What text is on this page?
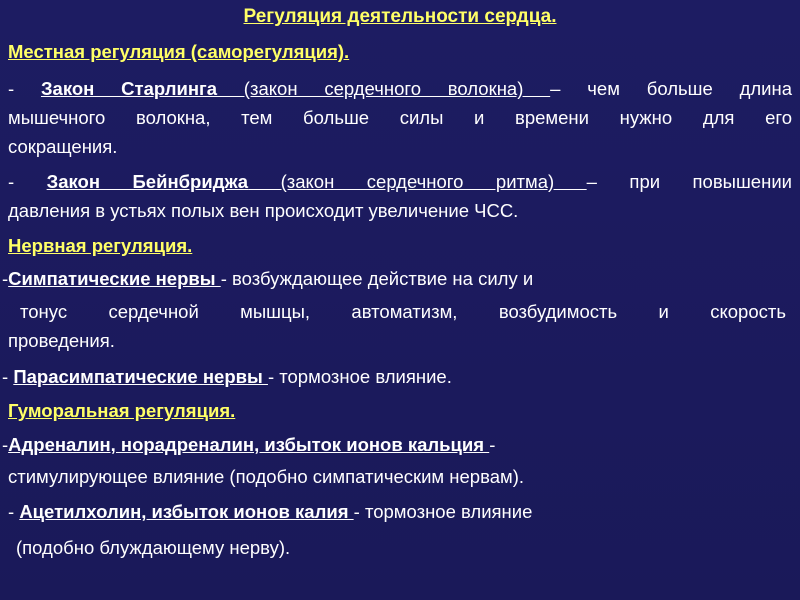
Регуляция деятельности сердца.
Местная регуляция (саморегуляция).
- Закон Старлинга (закон сердечного волокна) – чем больше длина
мышечного волокна, тем больше силы и времени нужно для его
сокращения.
- Закон Бейнбриджа (закон сердечного ритма) – при повышении
давления в устьях полых вен происходит увеличение ЧСС.
Нервная регуляция.
-Симпатические нервы - возбуждающее действие на силу и
тонус сердечной мышцы, автоматизм, возбудимость и скорость
проведения.
- Парасимпатические нервы - тормозное влияние.
Гуморальная регуляция.
-Адреналин, норадреналин, избыток ионов кальция -
стимулирующее влияние (подобно симпатическим нервам).
- Ацетилхолин, избыток ионов калия - тормозное влияние
(подобно блуждающему нерву).
